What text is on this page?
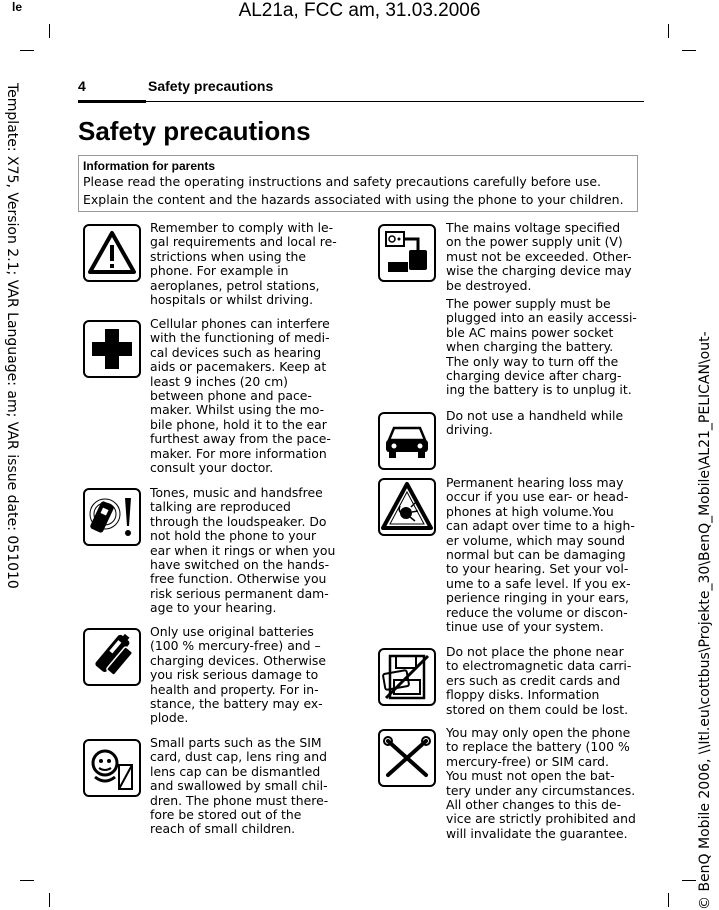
le	AL21a, FCC am, 31.03.2006
Template: X75, Version 2.1; VAR Language: am; VAR issue date: 051010	© BenQ Mobile 2006, \\Itl.eu\cottbus\Projekte_30\BenQ_Mobile\AL21_PELICAN\out-
4	Safety precautions
Safety precautions
Information for parents
Please read the operating instructions and safety precautions carefully before use.
Explain the content and the hazards associated with using the phone to your children.
Remember to comply with le-
gal requirements and local re-
strictions when using the
phone. For example in
aeroplanes, petrol stations,
hospitals or whilst driving.
Cellular phones can interfere
with the functioning of medi-
cal devices such as hearing
aids or pacemakers. Keep at
least 9 inches (20 cm)
between phone and pace-
maker. Whilst using the mo-
bile phone, hold it to the ear
furthest away from the pace-
maker. For more information
consult your doctor.
Tones, music and handsfree
talking are reproduced
through the loudspeaker. Do
not hold the phone to your
ear when it rings or when you
have switched on the hands-
free function. Otherwise you
risk serious permanent dam-
age to your hearing.
Only use original batteries
(100 % mercury-free) and –
charging devices. Otherwise
you risk serious damage to
health and property. For in-
stance, the battery may ex-
plode.
Small parts such as the SIM
card, dust cap, lens ring and
lens cap can be dismantled
and swallowed by small chil-
dren. The phone must there-
fore be stored out of the
reach of small children.
The mains voltage specified
on the power supply unit (V)
must not be exceeded. Other-
wise the charging device may
be destroyed.
The power supply must be
plugged into an easily accessi-
ble AC mains power socket
when charging the battery.
The only way to turn off the
charging device after charg-
ing the battery is to unplug it.
Do not use a handheld while
driving.
Permanent hearing loss may
occur if you use ear- or head-
phones at high volume.You
can adapt over time to a high-
er volume, which may sound
normal but can be damaging
to your hearing. Set your vol-
ume to a safe level. If you ex-
perience ringing in your ears,
reduce the volume or discon-
tinue use of your system.
Do not place the phone near
to electromagnetic data carri-
ers such as credit cards and
floppy disks. Information
stored on them could be lost.
You may only open the phone
to replace the battery (100 %
mercury-free) or SIM card.
You must not open the bat-
tery under any circumstances.
All other changes to this de-
vice are strictly prohibited and
will invalidate the guarantee.
